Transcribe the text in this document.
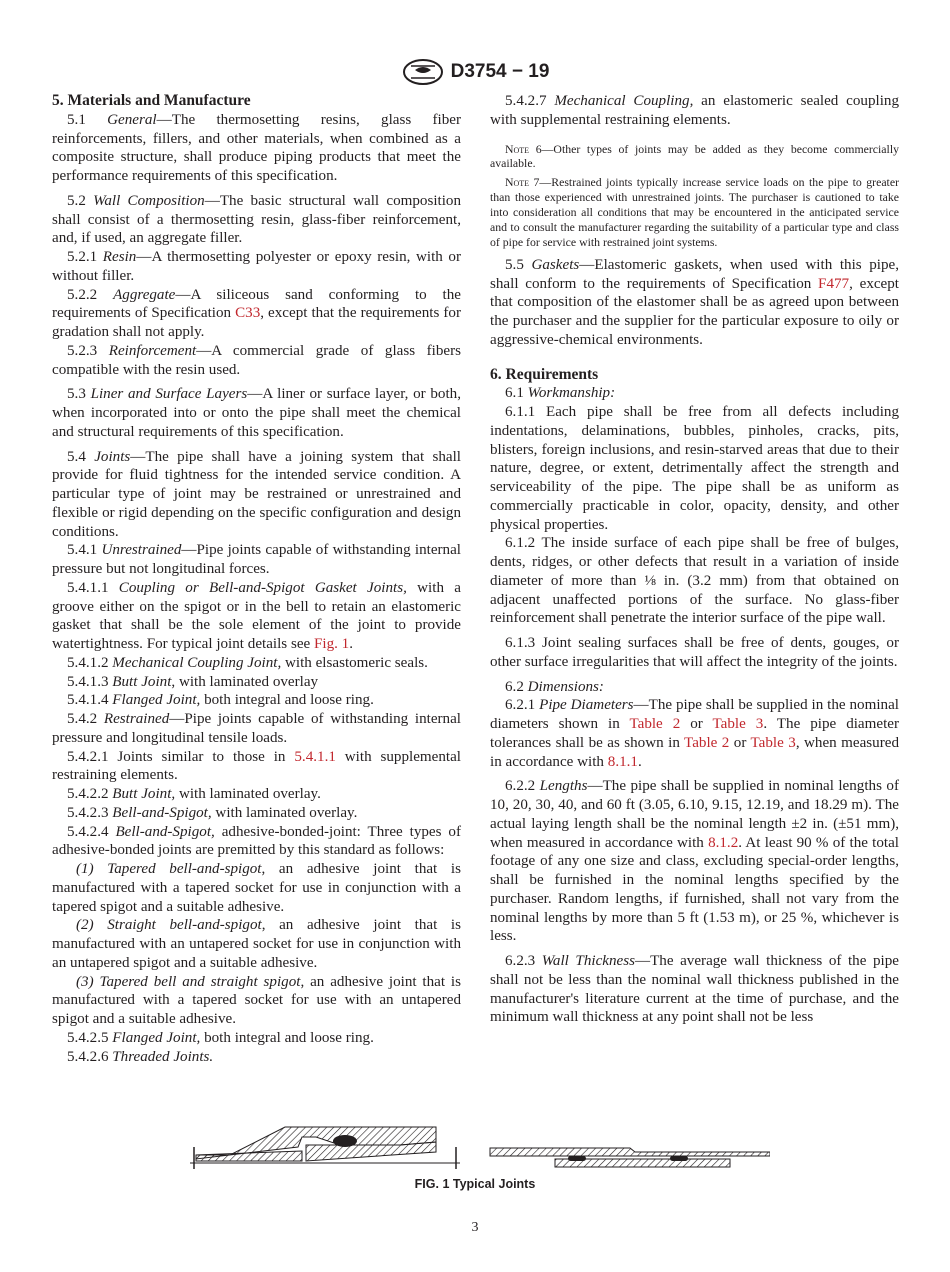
D3754 − 19

5. Materials and Manufacture

5.1 General—The thermosetting resins, glass fiber reinforcements, fillers, and other materials, when combined as a composite structure, shall produce piping products that meet the performance requirements of this specification.

5.2 Wall Composition—The basic structural wall composition shall consist of a thermosetting resin, glass-fiber reinforcement, and, if used, an aggregate filler.

5.2.1 Resin—A thermosetting polyester or epoxy resin, with or without filler.

5.2.2 Aggregate—A siliceous sand conforming to the requirements of Specification C33, except that the requirements for gradation shall not apply.

5.2.3 Reinforcement—A commercial grade of glass fibers compatible with the resin used.

5.3 Liner and Surface Layers—A liner or surface layer, or both, when incorporated into or onto the pipe shall meet the chemical and structural requirements of this specification.

5.4 Joints—The pipe shall have a joining system that shall provide for fluid tightness for the intended service condition. A particular type of joint may be restrained or unrestrained and flexible or rigid depending on the specific configuration and design conditions.

5.4.1 Unrestrained—Pipe joints capable of withstanding internal pressure but not longitudinal forces.

5.4.1.1 Coupling or Bell-and-Spigot Gasket Joints, with a groove either on the spigot or in the bell to retain an elastomeric gasket that shall be the sole element of the joint to provide watertightness. For typical joint details see Fig. 1.

5.4.1.2 Mechanical Coupling Joint, with elsastomeric seals.

5.4.1.3 Butt Joint, with laminated overlay

5.4.1.4 Flanged Joint, both integral and loose ring.

5.4.2 Restrained—Pipe joints capable of withstanding internal pressure and longitudinal tensile loads.

5.4.2.1 Joints similar to those in 5.4.1.1 with supplemental restraining elements.

5.4.2.2 Butt Joint, with laminated overlay.

5.4.2.3 Bell-and-Spigot, with laminated overlay.

5.4.2.4 Bell-and-Spigot, adhesive-bonded-joint: Three types of adhesive-bonded joints are premitted by this standard as follows:

(1) Tapered bell-and-spigot, an adhesive joint that is manufactured with a tapered socket for use in conjunction with a tapered spigot and a suitable adhesive.

(2) Straight bell-and-spigot, an adhesive joint that is manufactured with an untapered socket for use in conjunction with an untapered spigot and a suitable adhesive.

(3) Tapered bell and straight spigot, an adhesive joint that is manufactured with a tapered socket for use with an untapered spigot and a suitable adhesive.

5.4.2.5 Flanged Joint, both integral and loose ring.

5.4.2.6 Threaded Joints.

5.4.2.7 Mechanical Coupling, an elastomeric sealed coupling with supplemental restraining elements.

Note 6—Other types of joints may be added as they become commercially available.

Note 7—Restrained joints typically increase service loads on the pipe to greater than those experienced with unrestrained joints. The purchaser is cautioned to take into consideration all conditions that may be encountered in the anticipated service and to consult the manufacturer regarding the suitability of a particular type and class of pipe for service with restrained joint systems.

5.5 Gaskets—Elastomeric gaskets, when used with this pipe, shall conform to the requirements of Specification F477, except that composition of the elastomer shall be as agreed upon between the purchaser and the supplier for the particular exposure to oily or aggressive-chemical environments.

6. Requirements

6.1 Workmanship:

6.1.1 Each pipe shall be free from all defects including indentations, delaminations, bubbles, pinholes, cracks, pits, blisters, foreign inclusions, and resin-starved areas that due to their nature, degree, or extent, detrimentally affect the strength and serviceability of the pipe. The pipe shall be as uniform as commercially practicable in color, opacity, density, and other physical properties.

6.1.2 The inside surface of each pipe shall be free of bulges, dents, ridges, or other defects that result in a variation of inside diameter of more than ⅛ in. (3.2 mm) from that obtained on adjacent unaffected portions of the surface. No glass-fiber reinforcement shall penetrate the interior surface of the pipe wall.

6.1.3 Joint sealing surfaces shall be free of dents, gouges, or other surface irregularities that will affect the integrity of the joints.

6.2 Dimensions:

6.2.1 Pipe Diameters—The pipe shall be supplied in the nominal diameters shown in Table 2 or Table 3. The pipe diameter tolerances shall be as shown in Table 2 or Table 3, when measured in accordance with 8.1.1.

6.2.2 Lengths—The pipe shall be supplied in nominal lengths of 10, 20, 30, 40, and 60 ft (3.05, 6.10, 9.15, 12.19, and 18.29 m). The actual laying length shall be the nominal length ±2 in. (±51 mm), when measured in accordance with 8.1.2. At least 90 % of the total footage of any one size and class, excluding special-order lengths, shall be furnished in the nominal lengths specified by the purchaser. Random lengths, if furnished, shall not vary from the nominal lengths by more than 5 ft (1.53 m), or 25 %, whichever is less.

6.2.3 Wall Thickness—The average wall thickness of the pipe shall not be less than the nominal wall thickness published in the manufacturer's literature current at the time of purchase, and the minimum wall thickness at any point shall not be less

FIG. 1 Typical Joints
3
